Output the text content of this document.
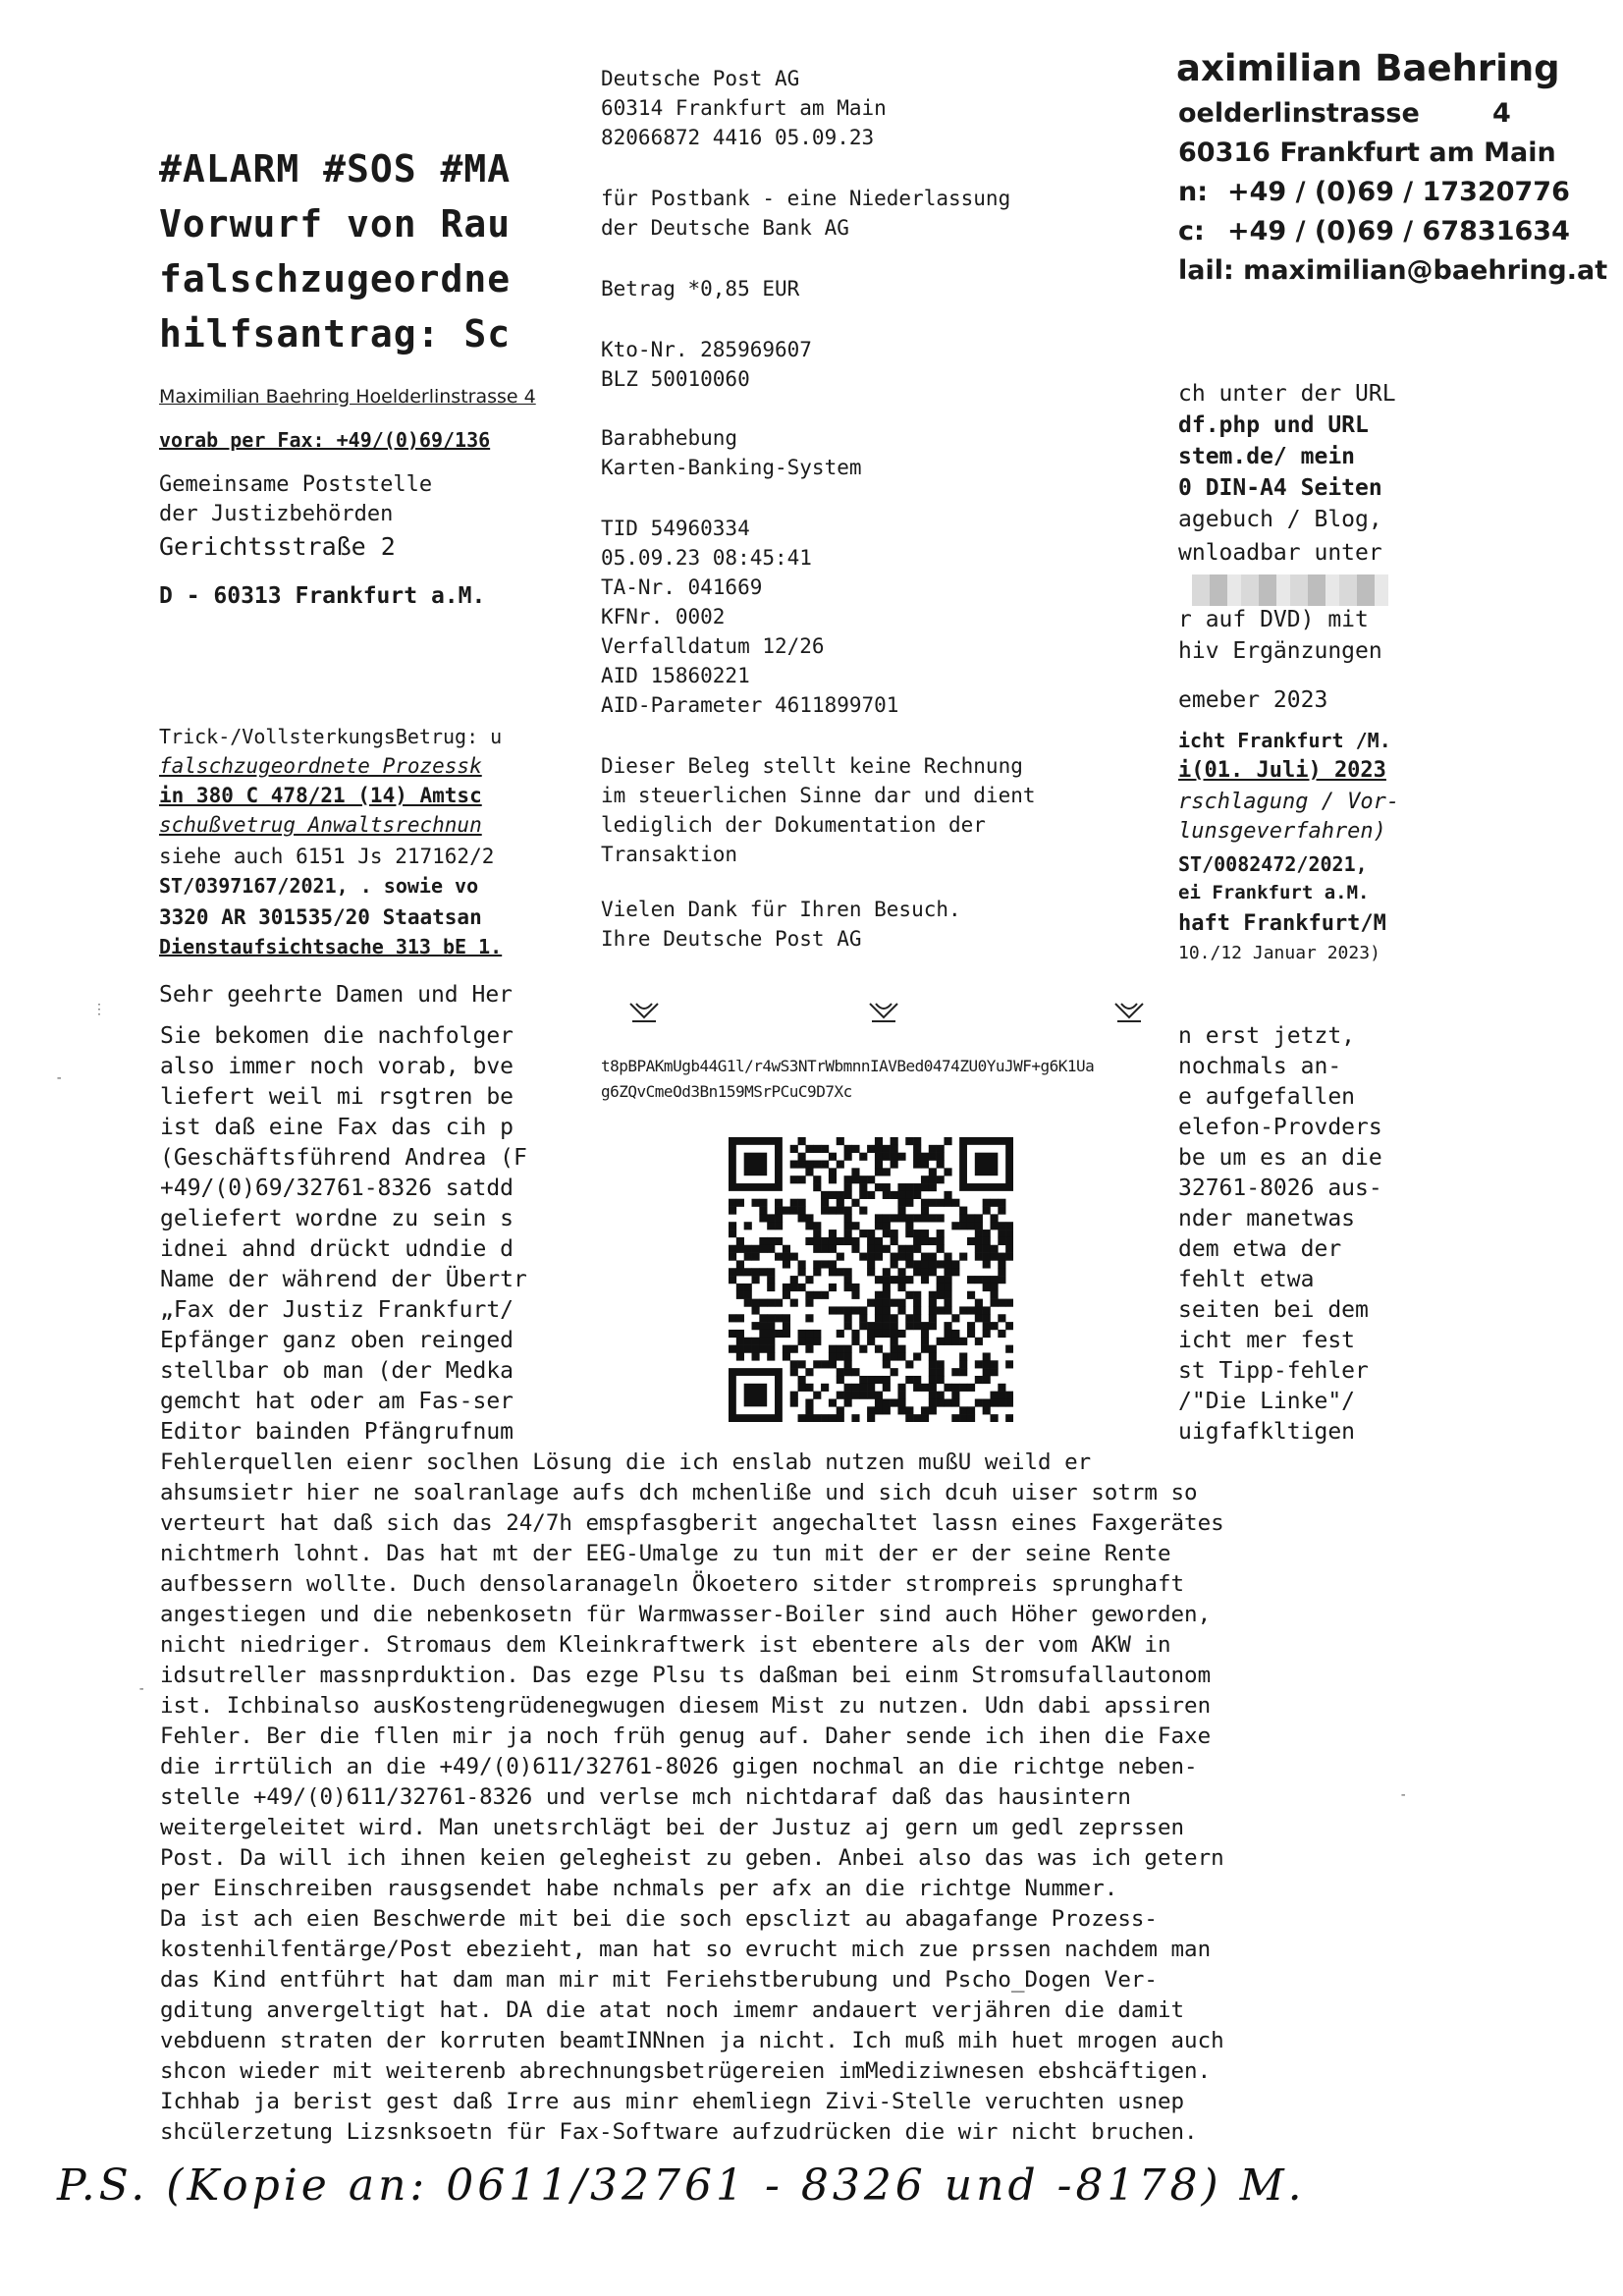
aximilian Baehring
oelderlinstrasse	4
60316 Frankfurt am Main
n: +49 / (0)69 / 17320776
c: +49 / (0)69 / 67831634
lail: maximilian@baehring.at
#ALARM #SOS #MA
Vorwurf von Rau
falschzugeordne
hilfsantrag: Sc
Maximilian Baehring Hoelderlinstrasse 4
vorab per Fax: +49/(0)69/136
Gemeinsame Poststelle
der Justizbehörden
Gerichtsstraße 2
D - 60313 Frankfurt a.M.
ch unter der URL
df.php und URL
stem.de/ mein
0 DIN-A4 Seiten
agebuch / Blog,
wnloadbar unter
r auf DVD) mit
hiv Ergänzungen
emeber 2023
icht Frankfurt /M.
i(01. Juli) 2023
rschlagung / Vor-
lunsgeverfahren)
ST/0082472/2021,
ei Frankfurt a.M.
haft Frankfurt/M
10./12 Januar 2023)
Trick-/VollsterkungsBetrug: u
falschzugeordnete Prozessk
in 380 C 478/21 (14) Amtsc
schußvetrug Anwaltsrechnun
siehe auch 6151 Js 217162/2
ST/0397167/2021, . sowie vo
3320 AR 301535/20 Staatsan
Dienstaufsichtsache 313 bE 1.
Sehr geehrte Damen und Her
Sie bekomen die nachfolger
also immer noch vorab, bve
liefert weil mi rsgtren be
ist daß eine Fax das cih p
(Geschäftsführend Andrea (F
+49/(0)69/32761-8326 satdd
geliefert wordne zu sein s
idnei ahnd drückt udndie d
Name der während der Übertr
„Fax der Justiz Frankfurt/
Epfänger ganz oben reinged
stellbar ob man (der Medka
gemcht hat oder am Fas-ser
Editor bainden Pfängrufnum
n erst jetzt,
nochmals an-
e aufgefallen
elefon-Provders
be um es an die
32761-8026 aus-
nder manetwas
dem etwa der
fehlt etwa
seiten bei dem
icht mer fest
st Tipp-fehler
/"Die Linke"/
uigfafkltigen
Fehlerquellen eienr soclhen Lösung die ich enslab nutzen mußU weild er
ahsumsietr hier ne soalranlage aufs dch mchenlißе und sich dcuh uiser sotrm so
verteurt hat daß sich das 24/7h emspfasgberit angechaltet lassn eines Faxgerätes
nichtmerh lohnt. Das hat mt der EEG-Umalge zu tun mit der er der seine Rente
aufbessern wollte. Duch densolaranageln Ökoetero sitder strompreis sprunghaft
angestiegen und die nebenkosetn für Warmwasser-Boiler sind auch Höher geworden,
nicht niedriger. Stromaus dem Kleinkraftwerk ist ebentere als der vom AKW in
idsutreller massnprduktion. Das ezge Plsu ts daßman bei einm Stromsufallautonom
ist. Ichbinalso ausKostengrüdenegwugen diesem Mist zu nutzen. Udn dabi apssiren
Fehler. Ber die fllen mir ja noch früh genug auf. Daher sende ich ihen die Faxe
die irrtülich an die +49/(0)611/32761-8026 gigen nochmal an die richtge neben-
stelle +49/(0)611/32761-8326 und verlse mch nichtdaraf daß das hausintern
weitergeleitet wird. Man unetsrchlägt bei der Justuz aj gern um gedl zeprssen
Post. Da will ich ihnen keien gelegheist zu geben. Anbei also das was ich getern
per Einschreiben rausgsendet habe nchmals per afx an die richtge Nummer.
Da ist ach eien Beschwerde mit bei die soch epsclizt au abagafange Prozess-
kostenhilfentärge/Post ebezieht, man hat so evrucht mich zue prssen nachdem man
das Kind entführt hat dam man mir mit Feriehstberubung und Pscho_Dogen Ver-
gditung anvergeltigt hat. DA die atat noch imemr andauert verjähren die damit
vebduenn straten der korruten beamtINNnen ja nicht. Ich muß mih huet mrogen auch
shcon wieder mit weiterenb abrechnungsbetrügereien imMediziwnesen ebshcäftigen.
Ichhab ja berist gest daß Irre aus minr ehemliegn Zivi-Stelle veruchten usnep
shcülerzetung Lizsnksoetn für Fax-Software aufzudrücken die wir nicht bruchen.
Deutsche Post AG
60314 Frankfurt am Main
82066872 4416 05.09.23
für Postbank - eine Niederlassung
der Deutsche Bank AG
Betrag *0,85 EUR
Kto-Nr. 285969607
BLZ 50010060
Barabhebung
Karten-Banking-System
TID 54960334
05.09.23 08:45:41
TA-Nr. 041669
KFNr. 0002
Verfalldatum 12/26
AID 15860221
AID-Parameter 4611899701
Dieser Beleg stellt keine Rechnung
im steuerlichen Sinne dar und dient
lediglich der Dokumentation der
Transaktion
Vielen Dank für Ihren Besuch.
Ihre Deutsche Post AG
t8pBPAKmUgb44G1l/r4wS3NTrWbmnnIAVBed0474ZU0YuJWF+g6K1Ua
g6ZQvCmeOd3Bn159MSrPCuC9D7Xc
⋮
-
-
-
P.S. (Kopie an: 0611/32761 - 8326 und -8178) M.
